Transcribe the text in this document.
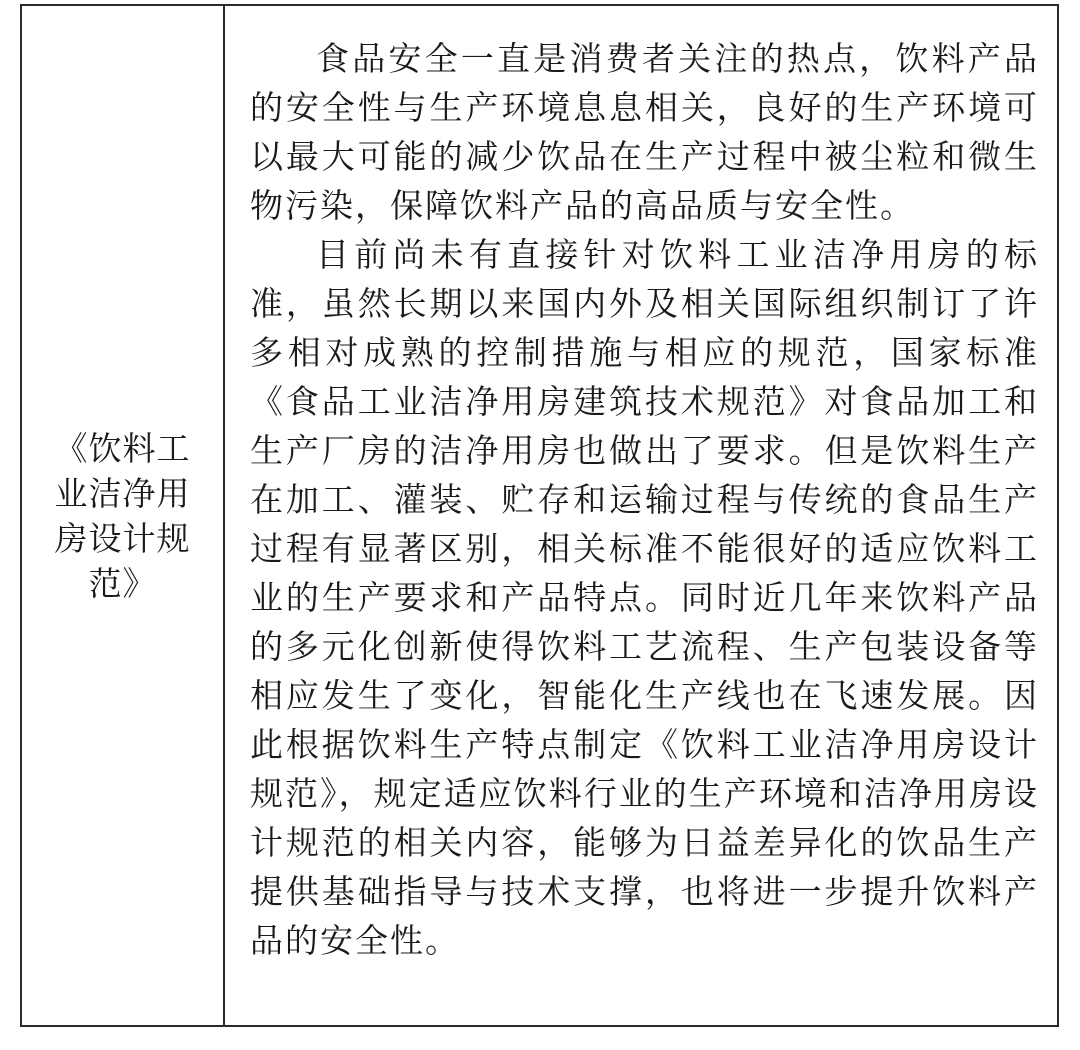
《饮料工业洁净用房设计规范》

食品安全一直是消费者关注的热点，饮料产品的安全性与生产环境息息相关，良好的生产环境可以最大可能的减少饮品在生产过程中被尘粒和微生物污染，保障饮料产品的高品质与安全性。

目前尚未有直接针对饮料工业洁净用房的标准，虽然长期以来国内外及相关国际组织制订了许多相对成熟的控制措施与相应的规范，国家标准《食品工业洁净用房建筑技术规范》对食品加工和生产厂房的洁净用房也做出了要求。但是饮料生产在加工、灌装、贮存和运输过程与传统的食品生产过程有显著区别，相关标准不能很好的适应饮料工业的生产要求和产品特点。同时近几年来饮料产品的多元化创新使得饮料工艺流程、生产包装设备等相应发生了变化，智能化生产线也在飞速发展。因此根据饮料生产特点制定《饮料工业洁净用房设计规范》，规定适应饮料行业的生产环境和洁净用房设计规范的相关内容，能够为日益差异化的饮品生产提供基础指导与技术支撑，也将进一步提升饮料产品的安全性。
